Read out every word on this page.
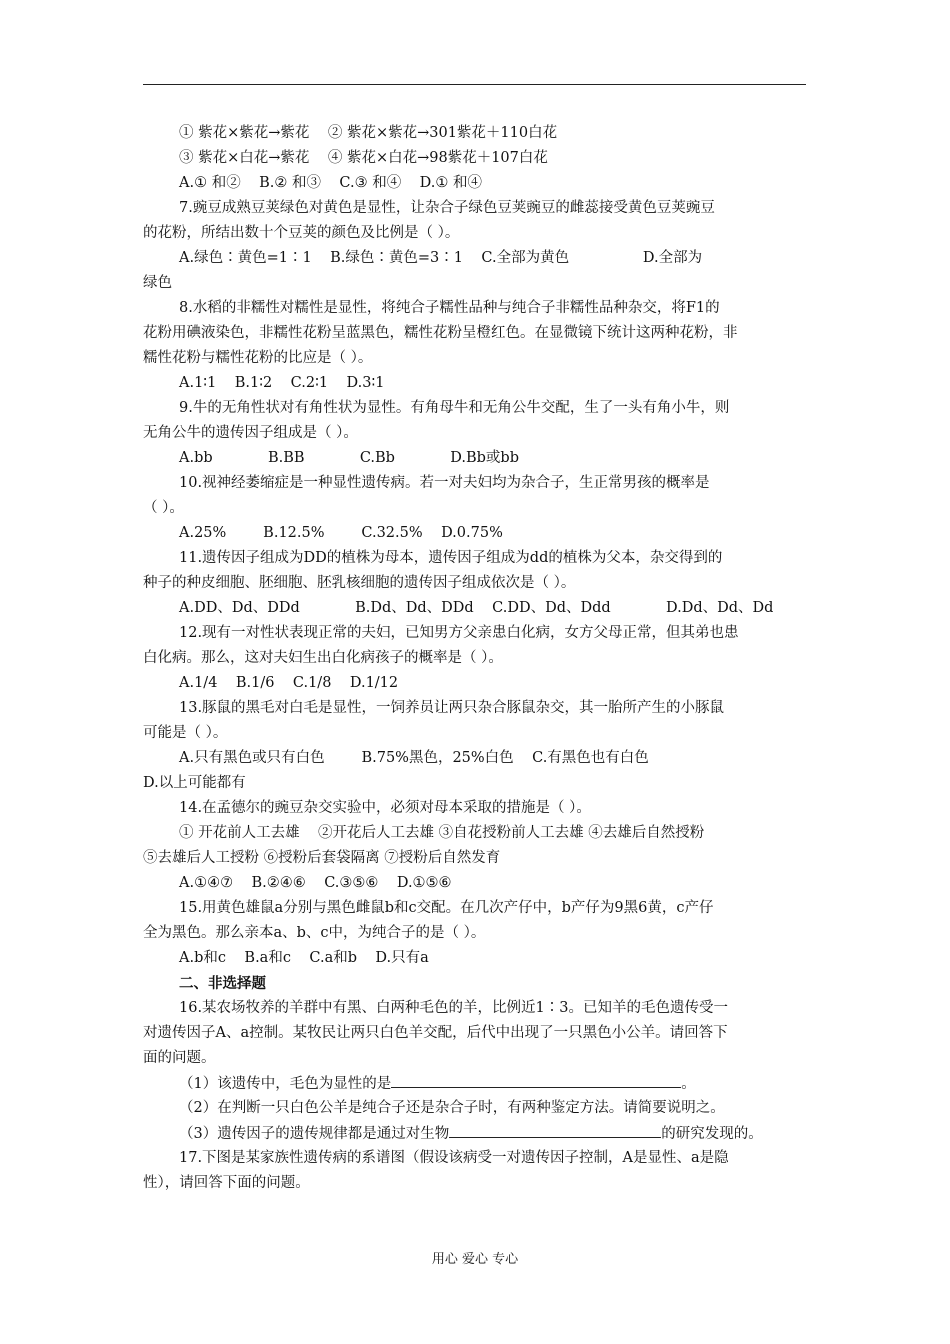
① 紫花×紫花→紫花    ② 紫花×紫花→301紫花＋110白花
③ 紫花×白花→紫花    ④ 紫花×白花→98紫花＋107白花
A.① 和②    B.② 和③    C.③ 和④    D.① 和④
7.豌豆成熟豆荚绿色对黄色是显性，让杂合子绿色豆荚豌豆的雌蕊接受黄色豆荚豌豆
的花粉，所结出数十个豆荚的颜色及比例是（ ）。
A.绿色∶黄色=1∶1    B.绿色∶黄色=3∶1    C.全部为黄色                D.全部为
绿色
8.水稻的非糯性对糯性是显性，将纯合子糯性品种与纯合子非糯性品种杂交，将F1的
花粉用碘液染色，非糯性花粉呈蓝黑色，糯性花粉呈橙红色。在显微镜下统计这两种花粉，非
糯性花粉与糯性花粉的比应是（ ）。
A.1∶1    B.1∶2    C.2∶1    D.3∶1
9.牛的无角性状对有角性状为显性。有角母牛和无角公牛交配，生了一头有角小牛，则
无角公牛的遗传因子组成是（ ）。
A.bb            B.BB            C.Bb            D.Bb或bb
10.视神经萎缩症是一种显性遗传病。若一对夫妇均为杂合子，生正常男孩的概率是
（ ）。
A.25%        B.12.5%        C.32.5%    D.0.75%
11.遗传因子组成为DD的植株为母本，遗传因子组成为dd的植株为父本，杂交得到的
种子的种皮细胞、胚细胞、胚乳核细胞的遗传因子组成依次是（ ）。
A.DD、Dd、DDd            B.Dd、Dd、DDd    C.DD、Dd、Ddd            D.Dd、Dd、Dd
12.现有一对性状表现正常的夫妇，已知男方父亲患白化病，女方父母正常，但其弟也患
白化病。那么，这对夫妇生出白化病孩子的概率是（ ）。
A.1/4    B.1/6    C.1/8    D.1/12
13.豚鼠的黑毛对白毛是显性，一饲养员让两只杂合豚鼠杂交，其一胎所产生的小豚鼠
可能是（ ）。
A.只有黑色或只有白色        B.75%黑色，25%白色    C.有黑色也有白色
D.以上可能都有
14.在孟德尔的豌豆杂交实验中，必须对母本采取的措施是（ ）。
① 开花前人工去雄    ②开花后人工去雄 ③自花授粉前人工去雄 ④去雄后自然授粉
⑤去雄后人工授粉 ⑥授粉后套袋隔离 ⑦授粉后自然发育
A.①④⑦    B.②④⑥    C.③⑤⑥    D.①⑤⑥
15.用黄色雄鼠a分别与黑色雌鼠b和c交配。在几次产仔中，b产仔为9黑6黄，c产仔
全为黑色。那么亲本a、b、c中，为纯合子的是（ ）。
A.b和c    B.a和c    C.a和b    D.只有a
二、非选择题
16.某农场牧养的羊群中有黑、白两种毛色的羊，比例近1∶3。已知羊的毛色遗传受一
对遗传因子A、a控制。某牧民让两只白色羊交配，后代中出现了一只黑色小公羊。请回答下
面的问题。
（1）该遗传中，毛色为显性的是	。
（2）在判断一只白色公羊是纯合子还是杂合子时，有两种鉴定方法。请简要说明之。
（3）遗传因子的遗传规律都是通过对生物	的研究发现的。
17.下图是某家族性遗传病的系谱图（假设该病受一对遗传因子控制，A是显性、a是隐
性），请回答下面的问题。
用心 爱心 专心
